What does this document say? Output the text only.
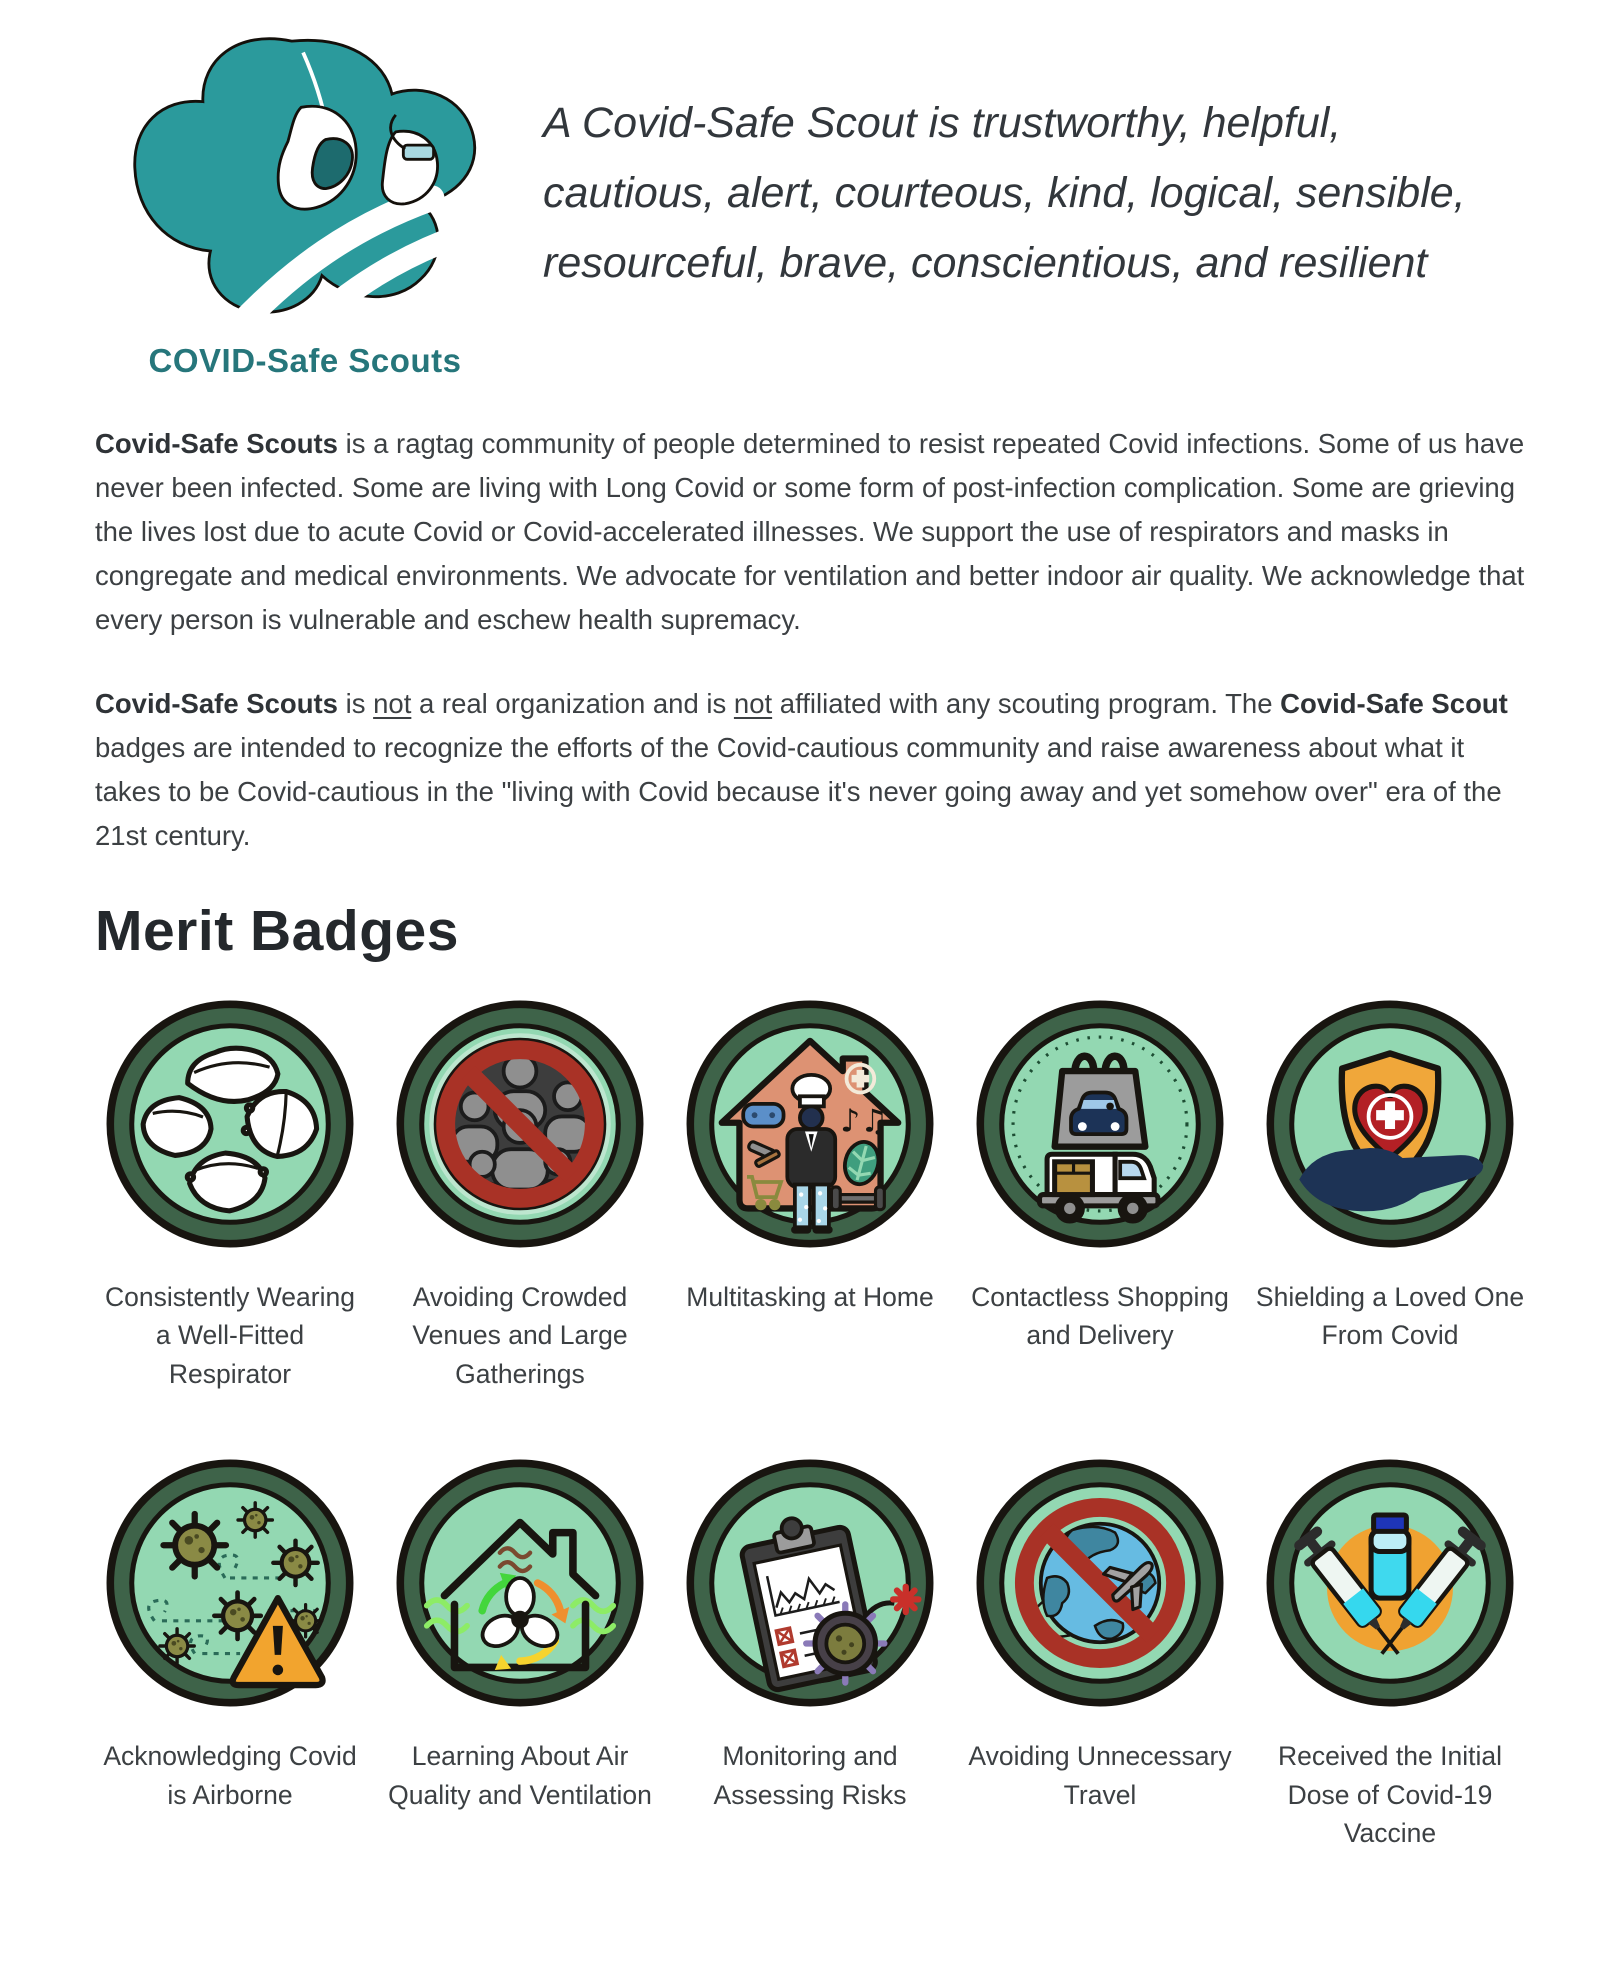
COVID-Safe Scouts
A Covid-Safe Scout is trustworthy, helpful, cautious, alert, courteous, kind, logical, sensible, resourceful, brave, conscientious, and resilient

Covid-Safe Scouts is a ragtag community of people determined to resist repeated Covid infections. Some of us have never been infected. Some are living with Long Covid or some form of post-infection complication. Some are grieving the lives lost due to acute Covid or Covid-accelerated illnesses. We support the use of respirators and masks in congregate and medical environments. We advocate for ventilation and better indoor air quality. We acknowledge that every person is vulnerable and eschew health supremacy.

Covid-Safe Scouts is not a real organization and is not affiliated with any scouting program. The Covid-Safe Scout badges are intended to recognize the efforts of the Covid-cautious community and raise awareness about what it takes to be Covid-cautious in the "living with Covid because it's never going away and yet somehow over" era of the 21st century.

Merit Badges
Consistently Wearing a Well-Fitted Respirator
Avoiding Crowded Venues and Large Gatherings
♪♫
Multitasking at Home Contactless Shopping and Delivery
Shielding a Loved One From Covid
Acknowledging Covid is Airborne
Learning About Air Quality and Ventilation
Monitoring and Assessing Risks
Avoiding Unnecessary Travel
Received the Initial Dose of Covid-19 Vaccine
